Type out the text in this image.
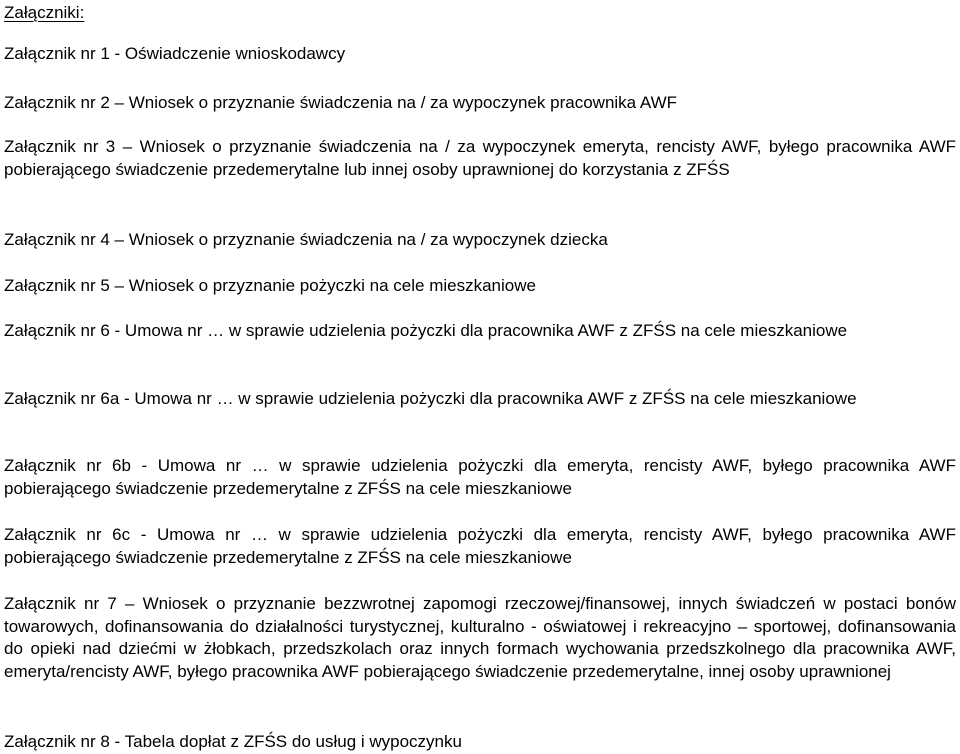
Załączniki:

Załącznik nr 1 - Oświadczenie wnioskodawcy

Załącznik nr 2 – Wniosek o przyznanie świadczenia na / za wypoczynek pracownika AWF

Załącznik nr 3 – Wniosek o przyznanie świadczenia na / za wypoczynek emeryta, rencisty AWF, byłego pracownika AWF pobierającego świadczenie przedemerytalne lub innej osoby uprawnionej do korzystania z ZFŚS

Załącznik nr 4 – Wniosek o przyznanie świadczenia na / za wypoczynek dziecka

Załącznik nr 5 – Wniosek o przyznanie pożyczki na cele mieszkaniowe

Załącznik nr 6 - Umowa nr … w sprawie udzielenia pożyczki dla pracownika AWF z ZFŚS na cele mieszkaniowe

Załącznik nr 6a - Umowa nr … w sprawie udzielenia pożyczki dla pracownika AWF z ZFŚS na cele mieszkaniowe

Załącznik nr 6b - Umowa nr … w sprawie udzielenia pożyczki dla emeryta, rencisty AWF, byłego pracownika AWF pobierającego świadczenie przedemerytalne z ZFŚS na cele mieszkaniowe

Załącznik nr 6c - Umowa nr … w sprawie udzielenia pożyczki dla emeryta, rencisty AWF, byłego pracownika AWF pobierającego świadczenie przedemerytalne z ZFŚS na cele mieszkaniowe

Załącznik nr 7 – Wniosek o przyznanie bezzwrotnej zapomogi rzeczowej/finansowej, innych świadczeń w postaci bonów towarowych, dofinansowania do działalności turystycznej, kulturalno - oświatowej i rekreacyjno – sportowej, dofinansowania do opieki nad dziećmi w żłobkach, przedszkolach oraz innych formach wychowania przedszkolnego dla pracownika AWF, emeryta/rencisty AWF, byłego pracownika AWF pobierającego świadczenie przedemerytalne, innej osoby uprawnionej

Załącznik nr 8 - Tabela dopłat z ZFŚS do usług i wypoczynku
